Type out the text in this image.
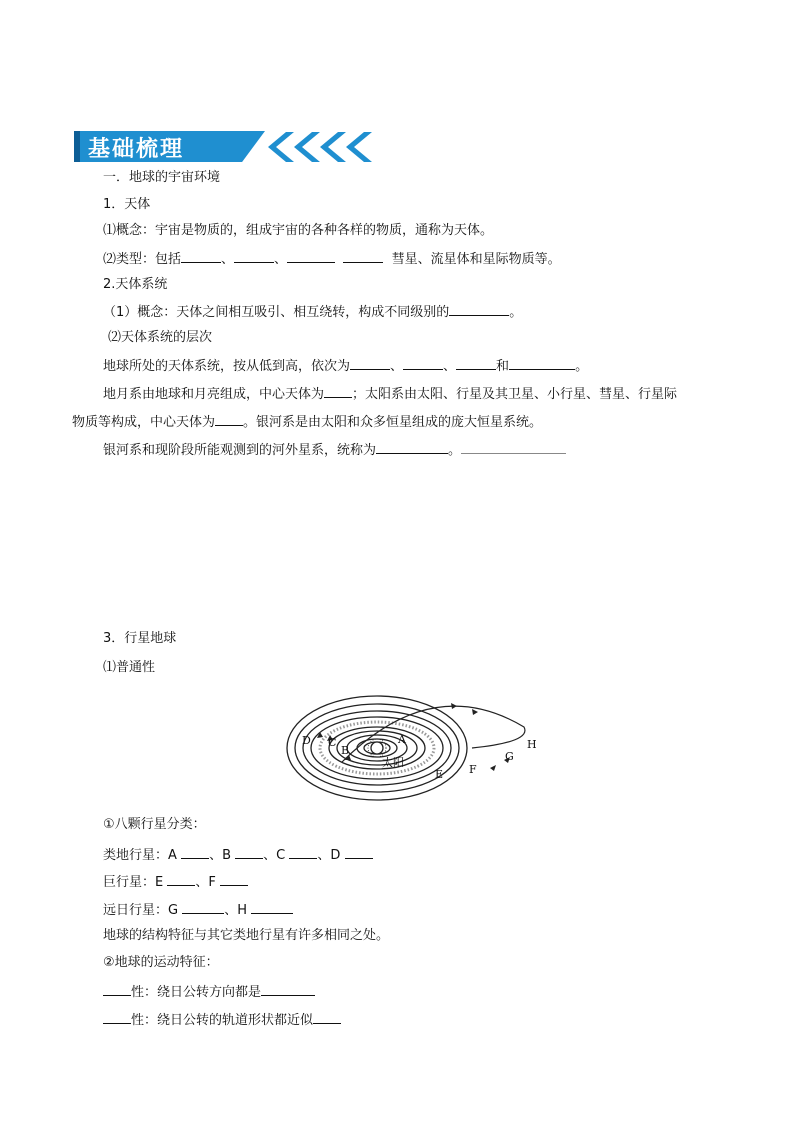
基础梳理
一．地球的宇宙环境
1．天体
⑴概念：宇宙是物质的，组成宇宙的各种各样的物质，通称为天体。
⑵类型：包括	、	、	彗星、流星体和星际物质等。
2.天体系统
（1）概念：天体之间相互吸引、相互绕转，构成不同级别的	。
⑵天体系统的层次
地球所处的天体系统，按从低到高，依次为	、	、	和	。
地月系由地球和月亮组成，中心天体为 ；太阳系由太阳、行星及其卫星、小行星、彗星、行星际
物质等构成，中心天体为 。银河系是由太阳和众多恒星组成的庞大恒星系统。
银河系和现阶段所能观测到的河外星系，统称为	。
3．行星地球
⑴普通性
A
B
C
D
E F
G
H
太阳
①八颗行星分类：
类地行星：A 、B 、C 、D
巨行星：E 、F
远日行星：G	、H
地球的结构特征与其它类地行星有许多相同之处。
②地球的运动特征：
性：绕日公转方向都是
性：绕日公转的轨道形状都近似
